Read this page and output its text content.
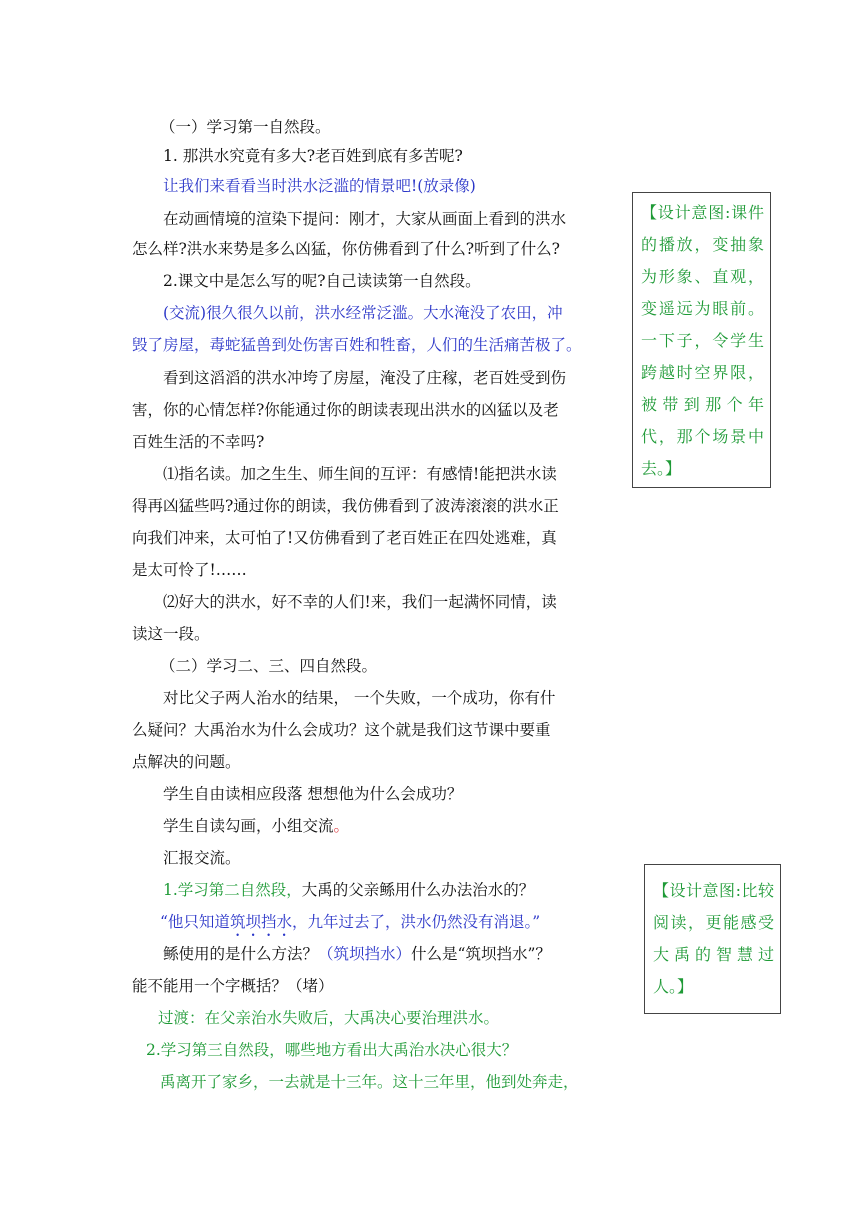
（一）学习第一自然段。
1. 那洪水究竟有多大?老百姓到底有多苦呢?
让我们来看看当时洪水泛滥的情景吧!(放录像)
在动画情境的渲染下提问：刚才，大家从画面上看到的洪水
怎么样?洪水来势是多么凶猛，你仿佛看到了什么?听到了什么?
2.课文中是怎么写的呢?自己读读第一自然段。
(交流)很久很久以前，洪水经常泛滥。大水淹没了农田，冲
毁了房屋，毒蛇猛兽到处伤害百姓和牲畜，人们的生活痛苦极了。
看到这滔滔的洪水冲垮了房屋，淹没了庄稼，老百姓受到伤
害，你的心情怎样?你能通过你的朗读表现出洪水的凶猛以及老
百姓生活的不幸吗?
⑴指名读。加之生生、师生间的互评：有感情!能把洪水读
得再凶猛些吗?通过你的朗读，我仿佛看到了波涛滚滚的洪水正
向我们冲来，太可怕了!又仿佛看到了老百姓正在四处逃难，真
是太可怜了!……
⑵好大的洪水，好不幸的人们!来，我们一起满怀同情，读
读这一段。
（二）学习二、三、四自然段。
对比父子两人治水的结果， 一个失败，一个成功，你有什
么疑问？大禹治水为什么会成功？这个就是我们这节课中要重
点解决的问题。
学生自由读相应段落 想想他为什么会成功？
学生自读勾画，小组交流。
汇报交流。
1.学习第二自然段，大禹的父亲鲧用什么办法治水的？
“他只知道筑坝挡水，九年过去了，洪水仍然没有消退。”
鲧使用的是什么方法？（筑坝挡水）什么是“筑坝挡水”？
能不能用一个字概括？（堵）
过渡：在父亲治水失败后，大禹决心要治理洪水。
2.学习第三自然段，哪些地方看出大禹治水决心很大？
禹离开了家乡，一去就是十三年。这十三年里，他到处奔走，
【设计意图:课件的播放，变抽象为形象、直观，变遥远为眼前。一下子，令学生跨越时空界限，被带到那个年代，那个场景中去。】
【设计意图:比较阅读，更能感受大禹的智慧过人。】
